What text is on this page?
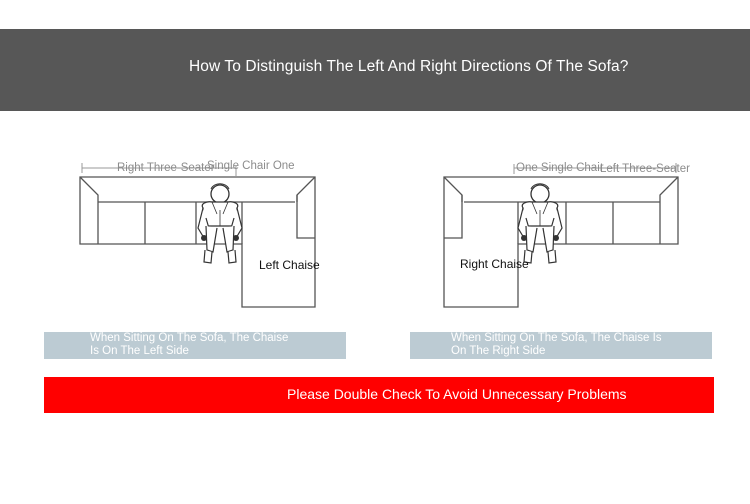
How To Distinguish The Left And Right Directions Of The Sofa?
Right Three-Seater
Single Chair One
Left Chaise
One Single Chair
Left Three-Seater
Right Chaise
When Sitting On The Sofa, The Chaise
Is On The Left Side
When Sitting On The Sofa, The Chaise Is
On The Right Side
Please Double Check To Avoid Unnecessary Problems
